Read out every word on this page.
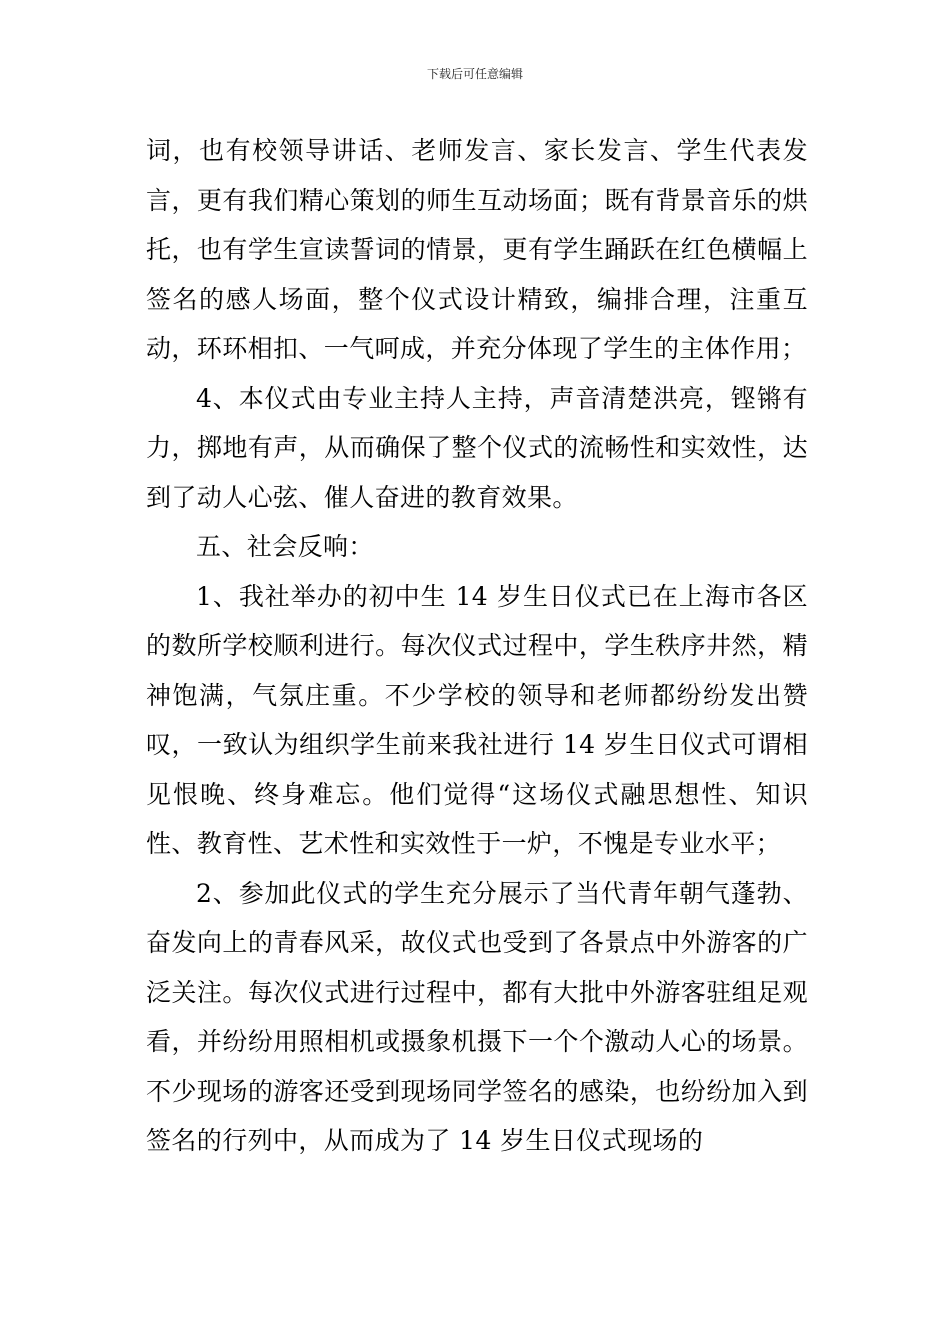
下载后可任意编辑

词，也有校领导讲话、老师发言、家长发言、学生代表发言，更有我们精心策划的师生互动场面；既有背景音乐的烘托，也有学生宣读誓词的情景，更有学生踊跃在红色横幅上签名的感人场面，整个仪式设计精致，编排合理，注重互动，环环相扣、一气呵成，并充分体现了学生的主体作用；

4、本仪式由专业主持人主持，声音清楚洪亮，铿锵有力，掷地有声，从而确保了整个仪式的流畅性和实效性，达到了动人心弦、催人奋进的教育效果。

五、社会反响：

1、我社举办的初中生 14 岁生日仪式已在上海市各区的数所学校顺利进行。每次仪式过程中，学生秩序井然，精神饱满，气氛庄重。不少学校的领导和老师都纷纷发出赞叹，一致认为组织学生前来我社进行 14 岁生日仪式可谓相见恨晚、终身难忘。他们觉得“这场仪式融思想性、知识性、教育性、艺术性和实效性于一炉，不愧是专业水平；

2、参加此仪式的学生充分展示了当代青年朝气蓬勃、奋发向上的青春风采，故仪式也受到了各景点中外游客的广泛关注。每次仪式进行过程中，都有大批中外游客驻组足观看，并纷纷用照相机或摄象机摄下一个个激动人心的场景。不少现场的游客还受到现场同学签名的感染，也纷纷加入到签名的行列中，从而成为了 14 岁生日仪式现场的
